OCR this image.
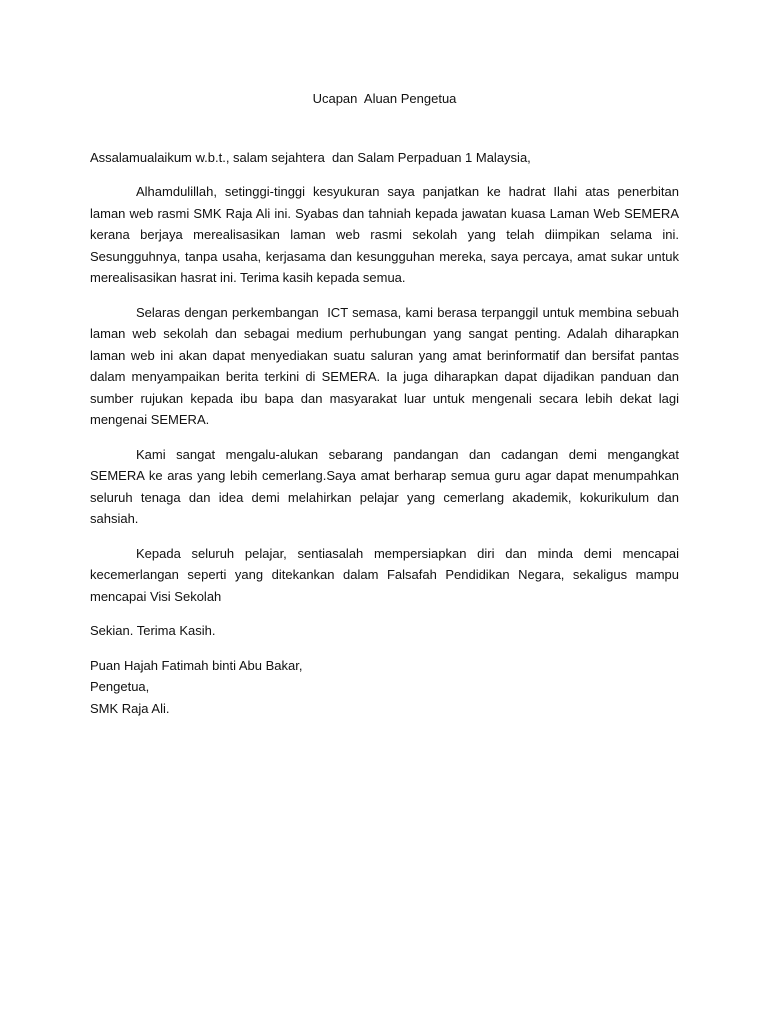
Ucapan  Aluan Pengetua
Assalamualaikum w.b.t., salam sejahtera  dan Salam Perpaduan 1 Malaysia,

Alhamdulillah, setinggi-tinggi kesyukuran saya panjatkan ke hadrat Ilahi atas penerbitan laman web rasmi SMK Raja Ali ini. Syabas dan tahniah kepada jawatan kuasa Laman Web SEMERA kerana berjaya merealisasikan laman web rasmi sekolah yang telah diimpikan selama ini. Sesungguhnya, tanpa usaha, kerjasama dan kesungguhan mereka, saya percaya, amat sukar untuk merealisasikan hasrat ini. Terima kasih kepada semua.

Selaras dengan perkembangan  ICT semasa, kami berasa terpanggil untuk membina sebuah laman web sekolah dan sebagai medium perhubungan yang sangat penting. Adalah diharapkan laman web ini akan dapat menyediakan suatu saluran yang amat berinformatif dan bersifat pantas dalam menyampaikan berita terkini di SEMERA. Ia juga diharapkan dapat dijadikan panduan dan sumber rujukan kepada ibu bapa dan masyarakat luar untuk mengenali secara lebih dekat lagi mengenai SEMERA.

Kami sangat mengalu-alukan sebarang pandangan dan cadangan demi mengangkat SEMERA ke aras yang lebih cemerlang.Saya amat berharap semua guru agar dapat menumpahkan seluruh tenaga dan idea demi melahirkan pelajar yang cemerlang akademik, kokurikulum dan sahsiah.

Kepada seluruh pelajar, sentiasalah mempersiapkan diri dan minda demi mencapai kecemerlangan seperti yang ditekankan dalam Falsafah Pendidikan Negara, sekaligus mampu mencapai Visi Sekolah

Sekian. Terima Kasih.
Puan Hajah Fatimah binti Abu Bakar,
Pengetua,
SMK Raja Ali.
